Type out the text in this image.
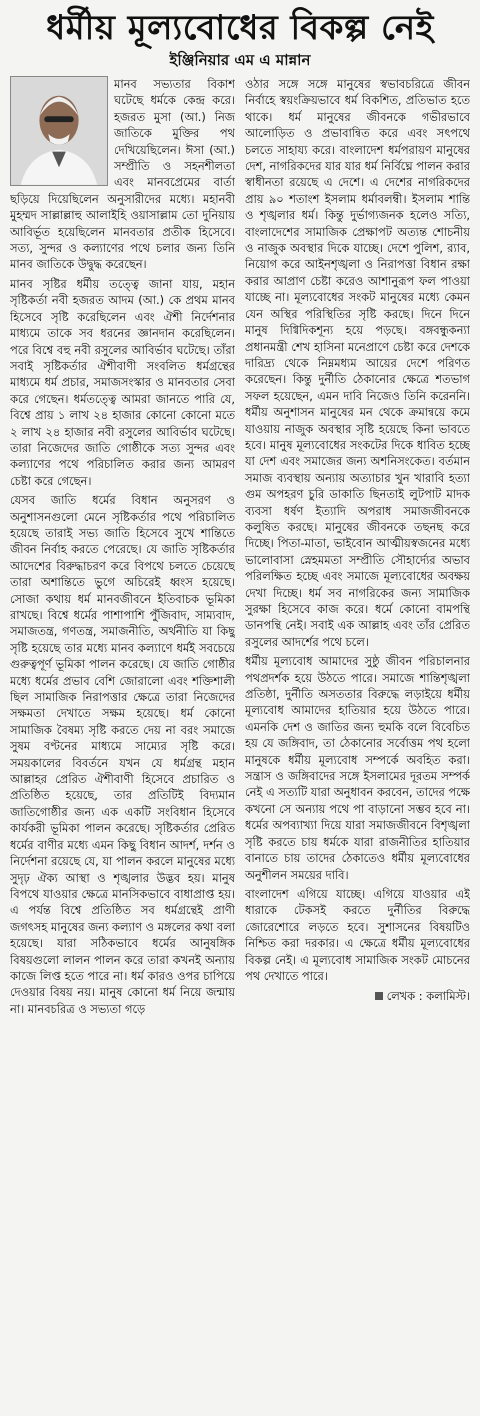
ধর্মীয় মূল্যবোধের বিকল্প নেই
ইঞ্জিনিয়ার এম এ মান্নান

মানব সভ্যতার বিকাশ ঘটেছে ধর্মকে কেন্দ্র করে। হজরত মুসা (আ.) নিজ জাতিকে মুক্তির পথ দেখিয়েছিলেন। ঈসা (আ.) সম্প্রীতি ও সহনশীলতা এবং মানবপ্রেমের বার্তা ছড়িয়ে দিয়েছিলেন অনুসারীদের মধ্যে। মহানবী মুহম্মদ সাল্লাল্লাহু আলাইহি ওয়াসাল্লাম তো দুনিয়ায় আবির্ভূত হয়েছিলেন মানবতার প্রতীক হিসেবে। সত্য, সুন্দর ও কল্যাণের পথে চলার জন্য তিনি মানব জাতিকে উদ্বুদ্ধ করেছেন।

মানব সৃষ্টির ধর্মীয় তত্ত্বে জানা যায়, মহান সৃষ্টিকর্তা নবী হজরত আদম (আ.) কে প্রথম মানব হিসেবে সৃষ্টি করেছিলেন এবং ঐশী নির্দেশনার মাধ্যমে তাকে সব ধরনের জ্ঞানদান করেছিলেন। পরে বিশ্বে বহু নবী রসুলের আবির্ভাব ঘটেছে। তাঁরা সবাই সৃষ্টিকর্তার ঐশীবাণী সংবলিত ধর্মগ্রন্থের মাধ্যমে ধর্ম প্রচার, সমাজসংস্কার ও মানবতার সেবা করে গেছেন। ধর্মতত্ত্বে আমরা জানতে পারি যে, বিশ্বে প্রায় ১ লাখ ২৪ হাজার কোনো কোনো মতে ২ লাখ ২৪ হাজার নবী রসুলের আবির্ভাব ঘটেছে। তারা নিজেদের জাতি গোষ্ঠীকে সত্য সুন্দর এবং কল্যাণের পথে পরিচালিত করার জন্য আমরণ চেষ্টা করে গেছেন।

যেসব জাতি ধর্মের বিধান অনুসরণ ও অনুশাসনগুলো মেনে সৃষ্টিকর্তার পথে পরিচালিত হয়েছে তারাই সভ্য জাতি হিসেবে সুখে শান্তিতে জীবন নির্বাহ করতে পেরেছে। যে জাতি সৃষ্টিকর্তার আদেশের বিরুদ্ধাচরণ করে বিপথে চলতে চেয়েছে তারা অশান্তিতে ভুগে অচিরেই ধ্বংস হয়েছে। সোজা কথায় ধর্ম মানবজীবনে ইতিবাচক ভূমিকা রাখছে। বিশ্বে ধর্মের পাশাপাশি পুঁজিবাদ, সাম্যবাদ, সমাজতন্ত্র, গণতন্ত্র, সমাজনীতি, অর্থনীতি যা কিছু সৃষ্টি হয়েছে তার মধ্যে মানব কল্যাণে ধর্মই সবচেয়ে গুরুত্বপূর্ণ ভূমিকা পালন করেছে। যে জাতি গোষ্ঠীর মধ্যে ধর্মের প্রভাব বেশি জোরালো এবং শক্তিশালী ছিল সামাজিক নিরাপত্তার ক্ষেত্রে তারা নিজেদের সক্ষমতা দেখাতে সক্ষম হয়েছে। ধর্ম কোনো সামাজিক বৈষম্য সৃষ্টি করতে দেয় না বরং সমাজে সুষম বণ্টনের মাধ্যমে সাম্যের সৃষ্টি করে। সময়কালের বিবর্তনে যখন যে ধর্মগ্রন্থ মহান আল্লাহর প্রেরিত ঐশীবাণী হিসেবে প্রচারিত ও প্রতিষ্ঠিত হয়েছে, তার প্রতিটিই বিদ্যমান জাতিগোষ্ঠীর জন্য এক একটি সংবিধান হিসেবে কার্যকরী ভূমিকা পালন করেছে। সৃষ্টিকর্তার প্রেরিত ধর্মের বাণীর মধ্যে এমন কিছু বিধান আদর্শ, দর্শন ও নির্দেশনা রয়েছে যে, যা পালন করলে মানুষের মধ্যে সুদৃঢ় ঐক্য আস্থা ও শৃঙ্খলার উদ্ভব হয়। মানুষ বিপথে যাওয়ার ক্ষেত্রে মানসিকভাবে বাধাপ্রাপ্ত হয়। এ পর্যন্ত বিশ্বে প্রতিষ্ঠিত সব ধর্মগ্রন্থেই প্রাণী জগৎসহ মানুষের জন্য কল্যাণ ও মঙ্গলের কথা বলা হয়েছে। যারা সঠিকভাবে ধর্মের আনুষঙ্গিক বিষয়গুলো লালন পালন করে তারা কখনই অন্যায় কাজে লিপ্ত হতে পারে না। ধর্ম কারও ওপর চাপিয়ে দেওয়ার বিষয় নয়। মানুষ কোনো ধর্ম নিয়ে জন্মায় না। মানবচরিত্র ও সভ্যতা গড়ে

ওঠার সঙ্গে সঙ্গে মানুষের স্বভাবচরিত্রে জীবন নির্বাহে স্বয়ংক্রিয়ভাবে ধর্ম বিকশিত, প্রতিভাত হতে থাকে। ধর্ম মানুষের জীবনকে গভীরভাবে আলোড়িত ও প্রভাবান্বিত করে এবং সৎপথে চলতে সাহায্য করে। বাংলাদেশ ধর্মপরায়ণ মানুষের দেশ, নাগরিকদের যার যার ধর্ম নির্বিঘ্নে পালন করার স্বাধীনতা রয়েছে এ দেশে। এ দেশের নাগরিকদের প্রায় ৯০ শতাংশ ইসলাম ধর্মাবলম্বী। ইসলাম শান্তি ও শৃঙ্খলার ধর্ম। কিন্তু দুর্ভাগ্যজনক হলেও সত্যি, বাংলাদেশের সামাজিক প্রেক্ষাপট অত্যন্ত শোচনীয় ও নাজুক অবস্থার দিকে যাচ্ছে। দেশে পুলিশ, র‍্যাব, নিয়োগ করে আইনশৃঙ্খলা ও নিরাপত্তা বিধান রক্ষা করার আপ্রাণ চেষ্টা করেও আশানুরূপ ফল পাওয়া যাচ্ছে না। মূল্যবোধের সংকট মানুষের মধ্যে কেমন যেন অস্থির পরিস্থিতির সৃষ্টি করছে। দিনে দিনে মানুষ দিগ্বিদিকশূন্য হয়ে পড়ছে। বঙ্গবন্ধুকন্যা প্রধানমন্ত্রী শেখ হাসিনা মনেপ্রাণে চেষ্টা করে দেশকে দারিদ্র্য থেকে নিম্নমধ্যম আয়ের দেশে পরিণত করেছেন। কিন্তু দুর্নীতি ঠেকানোর ক্ষেত্রে শতভাগ সফল হয়েছেন, এমন দাবি নিজেও তিনি করেননি। ধর্মীয় অনুশাসন মানুষের মন থেকে ক্রমান্বয়ে কমে যাওয়ায় নাজুক অবস্থার সৃষ্টি হয়েছে কিনা ভাবতে হবে। মানুষ মূল্যবোধের সংকটের দিকে ধাবিত হচ্ছে যা দেশ এবং সমাজের জন্য অশনিসংকেত। বর্তমান সমাজ ব্যবস্থায় অন্যায় অত্যাচার খুন খারাবি হত্যা গুম অপহরণ চুরি ডাকাতি ছিনতাই লুটপাট মাদক ব্যবসা ধর্ষণ ইত্যাদি অপরাধ সমাজজীবনকে কলুষিত করছে। মানুষের জীবনকে তছনছ করে দিচ্ছে। পিতা-মাতা, ভাইবোন আত্মীয়স্বজনের মধ্যে ভালোবাসা স্নেহমমতা সম্প্রীতি সৌহার্দ্যের অভাব পরিলক্ষিত হচ্ছে এবং সমাজে মূল্যবোধের অবক্ষয় দেখা দিচ্ছে। ধর্ম সব নাগরিকের জন্য সামাজিক সুরক্ষা হিসেবে কাজ করে। ধর্মে কোনো বামপন্থি ডানপন্থি নেই। সবাই এক আল্লাহ এবং তাঁর প্রেরিত রসুলের আদর্শের পথে চলে।

ধর্মীয় মূল্যবোধ আমাদের সুষ্ঠু জীবন পরিচালনার পথপ্রদর্শক হয়ে উঠতে পারে। সমাজে শান্তিশৃঙ্খলা প্রতিষ্ঠা, দুর্নীতি অসততার বিরুদ্ধে লড়াইয়ে ধর্মীয় মূল্যবোধ আমাদের হাতিয়ার হয়ে উঠতে পারে। এমনকি দেশ ও জাতির জন্য হুমকি বলে বিবেচিত হয় যে জঙ্গিবাদ, তা ঠেকানোর সর্বোত্তম পথ হলো মানুষকে ধর্মীয় মূল্যবোধ সম্পর্কে অবহিত করা। সন্ত্রাস ও জঙ্গিবাদের সঙ্গে ইসলামের দূরতম সম্পর্ক নেই এ সত্যটি যারা অনুধাবন করবেন, তাদের পক্ষে কখনো সে অন্যায় পথে পা বাড়ানো সম্ভব হবে না। ধর্মের অপব্যাখ্যা দিয়ে যারা সমাজজীবনে বিশৃঙ্খলা সৃষ্টি করতে চায় ধর্মকে যারা রাজনীতির হাতিয়ার বানাতে চায় তাদের ঠেকাতেও ধর্মীয় মূল্যবোধের অনুশীলন সময়ের দাবি।

বাংলাদেশ এগিয়ে যাচ্ছে। এগিয়ে যাওয়ার এই ধারাকে টেকসই করতে দুর্নীতির বিরুদ্ধে জোরেশোরে লড়তে হবে। সুশাসনের বিষয়টিও নিশ্চিত করা দরকার। এ ক্ষেত্রে ধর্মীয় মূল্যবোধের বিকল্প নেই। এ মূল্যবোধ সামাজিক সংকট মোচনের পথ দেখাতে পারে।

লেখক : কলামিস্ট।
